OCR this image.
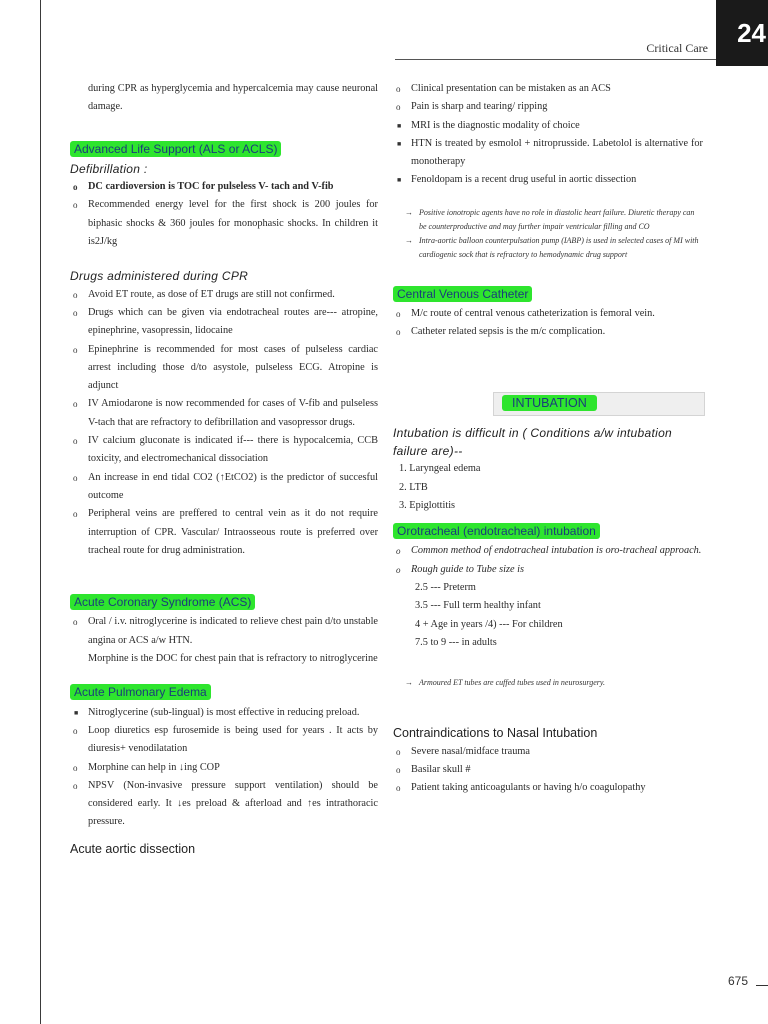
24
Critical Care
during CPR as hyperglycemia and hypercalcemia may cause neuronal damage.
Advanced Life Support (ALS or ACLS)
Defibrillation :
o DC cardioversion is TOC for pulseless V- tach and V-fib
o Recommended energy level for the first shock is 200 joules for biphasic shocks & 360 joules for monophasic shocks. In children it is2J/kg
Drugs administered during CPR
o Avoid ET route, as dose of ET drugs are still not confirmed.
o Drugs which can be given via endotracheal routes are--- atropine, epinephrine, vasopressin, lidocaine
o Epinephrine is recommended for most cases of pulseless cardiac arrest including those d/to asystole, pulseless ECG. Atropine is adjunct
o IV Amiodarone is now recommended for cases of V-fib and pulseless V-tach that are refractory to defibrillation and vasopressor drugs.
o IV calcium gluconate is indicated if--- there is hypocalcemia, CCB toxicity, and electromechanical dissociation
o An increase in end tidal CO2 (↑EtCO2) is the predictor of succesful outcome
o Peripheral veins are preffered to central vein as it do not require interruption of CPR. Vascular/ Intraosseous route is preferred over tracheal route for drug administration.
Acute Coronary Syndrome (ACS)
o Oral / i.v. nitroglycerine is indicated to relieve chest pain d/to unstable angina or ACS a/w HTN.
Morphine is the DOC for chest pain that is refractory to nitroglycerine
Acute Pulmonary Edema
■ Nitroglycerine (sub-lingual) is most effective in reducing preload.
o Loop diuretics esp furosemide is being used for years . It acts by diuresis+ venodilatation
o Morphine can help in ↓ing COP
o NPSV (Non-invasive pressure support ventilation) should be considered early. It ↓es preload & afterload and ↑es intrathoracic pressure.
Acute aortic dissection
o Clinical presentation can be mistaken as an ACS
o Pain is sharp and tearing/ ripping
■ MRI is the diagnostic modality of choice
■ HTN is treated by esmolol + nitroprusside. Labetolol is alternative for monotherapy
■ Fenoldopam is a recent drug useful in aortic dissection
→ Positive ionotropic agents have no role in diastolic heart failure. Diuretic therapy can be counterproductive and may further impair ventricular filling and CO
→ Intra-aortic balloon counterpulsation pump (IABP) is used in selected cases of MI with cardiogenic sock that is refractory to hemodynamic drug support
Central Venous Catheter
o M/c route of central venous catheterization is femoral vein.
o Catheter related sepsis is the m/c complication.
INTUBATION
Intubation is difficult in ( Conditions a/w intubation failure are)--
1. Laryngeal edema
2. LTB
3. Epiglottitis
Orotracheal (endotracheal) intubation
o Common method of endotracheal intubation is oro-tracheal approach.
o Rough guide to Tube size is
2.5 --- Preterm
3.5 --- Full term healthy infant
4 + Age in years /4) --- For children
7.5 to 9 --- in adults
→ Armoured ET tubes are cuffed tubes used in neurosurgery.
Contraindications to Nasal Intubation
o Severe nasal/midface trauma
o Basilar skull #
o Patient taking anticoagulants or having h/o coagulopathy
675
